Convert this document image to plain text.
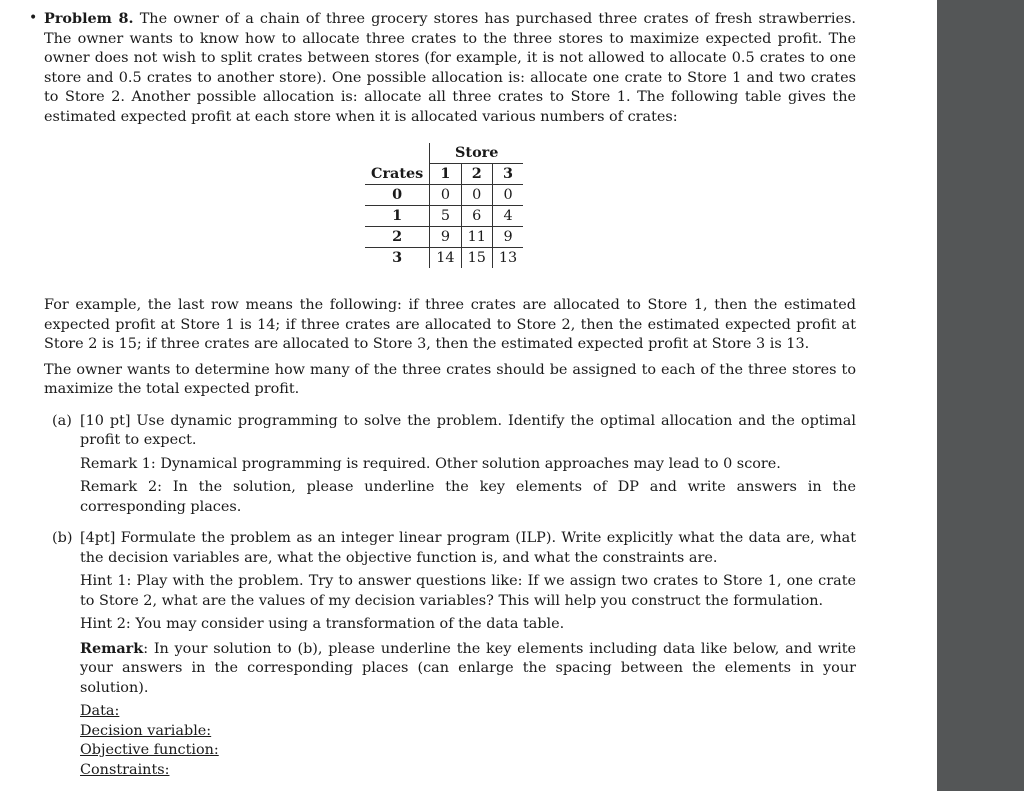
• Problem 8. The owner of a chain of three grocery stores has purchased three crates of fresh strawberries. The owner wants to know how to allocate three crates to the three stores to maximize expected profit. The owner does not wish to split crates between stores (for example, it is not allowed to allocate 0.5 crates to one store and 0.5 crates to another store). One possible allocation is: allocate one crate to Store 1 and two crates to Store 2. Another possible allocation is: allocate all three crates to Store 1. The following table gives the estimated expected profit at each store when it is allocated various numbers of crates:

	Store		
Crates	1	2	3
0	0	0	0
1	5	6	4
2	9	11	9
3	14	15	13

For example, the last row means the following: if three crates are allocated to Store 1, then the estimated expected profit at Store 1 is 14; if three crates are allocated to Store 2, then the estimated expected profit at Store 2 is 15; if three crates are allocated to Store 3, then the estimated expected profit at Store 3 is 13.

The owner wants to determine how many of the three crates should be assigned to each of the three stores to maximize the total expected profit.

(a) [10 pt] Use dynamic programming to solve the problem. Identify the optimal allocation and the optimal profit to expect.

Remark 1: Dynamical programming is required. Other solution approaches may lead to 0 score.

Remark 2: In the solution, please underline the key elements of DP and write answers in the corresponding places.

(b) [4pt] Formulate the problem as an integer linear program (ILP). Write explicitly what the data are, what the decision variables are, what the objective function is, and what the constraints are.

Hint 1: Play with the problem. Try to answer questions like: If we assign two crates to Store 1, one crate to Store 2, what are the values of my decision variables? This will help you construct the formulation.

Hint 2: You may consider using a transformation of the data table.

Remark: In your solution to (b), please underline the key elements including data like below, and write your answers in the corresponding places (can enlarge the spacing between the elements in your solution).

Data:

Decision variable:

Objective function:

Constraints:
